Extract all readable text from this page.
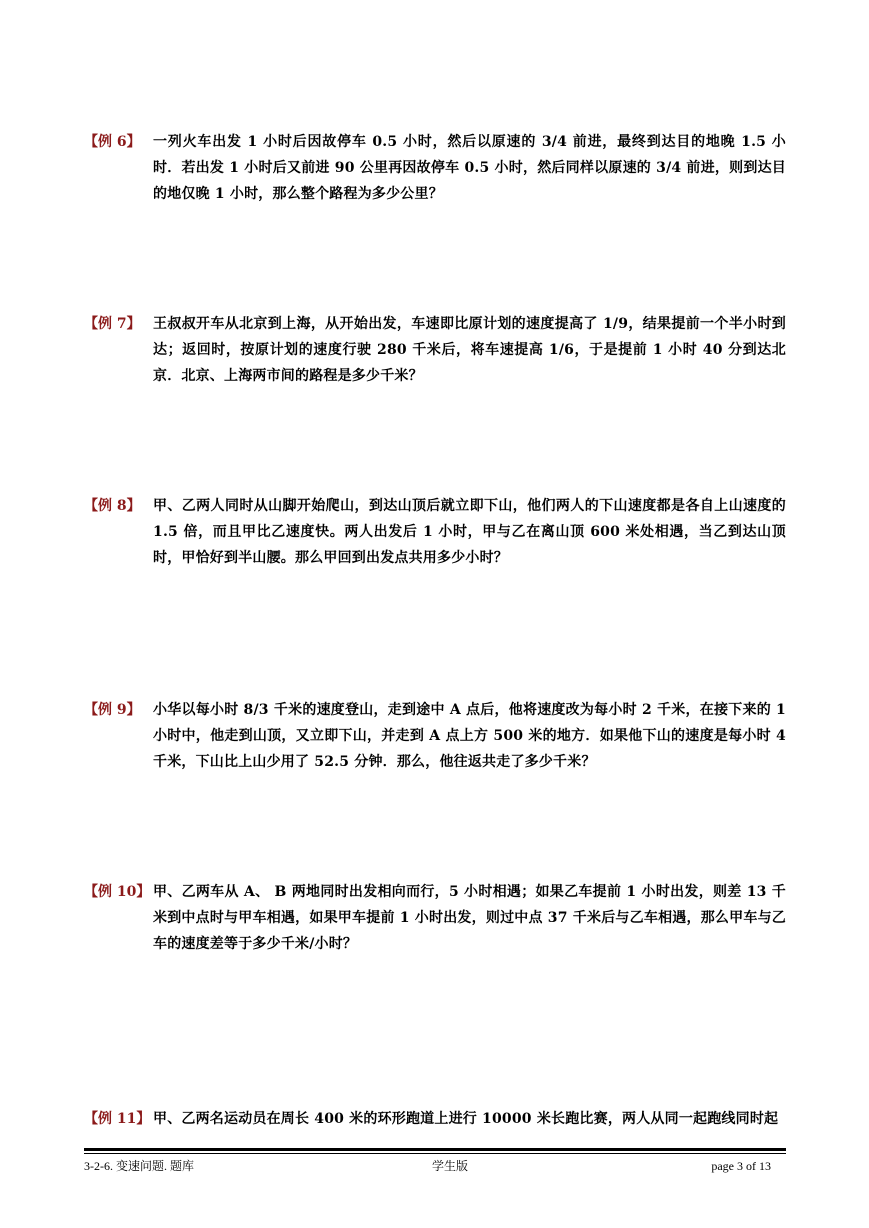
【例 6】 一列火车出发 1 小时后因故停车 0.5 小时，然后以原速的 3/4 前进，最终到达目的地晚 1.5 小时．若出发 1 小时后又前进 90 公里再因故停车 0.5 小时，然后同样以原速的 3/4 前进，则到达目的地仅晚 1 小时，那么整个路程为多少公里？
【例 7】 王叔叔开车从北京到上海，从开始出发，车速即比原计划的速度提高了 1/9，结果提前一个半小时到达；返回时，按原计划的速度行驶 280 千米后，将车速提高 1/6，于是提前 1 小时 40 分到达北京．北京、上海两市间的路程是多少千米？
【例 8】 甲、乙两人同时从山脚开始爬山，到达山顶后就立即下山，他们两人的下山速度都是各自上山速度的 1.5 倍，而且甲比乙速度快。两人出发后 1 小时，甲与乙在离山顶 600 米处相遇，当乙到达山顶时，甲恰好到半山腰。那么甲回到出发点共用多少小时？
【例 9】 小华以每小时 8/3 千米的速度登山，走到途中 A 点后，他将速度改为每小时 2 千米，在接下来的 1 小时中，他走到山顶，又立即下山，并走到 A 点上方 500 米的地方．如果他下山的速度是每小时 4 千米，下山比上山少用了 52.5 分钟．那么，他往返共走了多少千米？
【例 10】 甲、乙两车从 A、 B 两地同时出发相向而行，5 小时相遇；如果乙车提前 1 小时出发，则差 13 千米到中点时与甲车相遇，如果甲车提前 1 小时出发，则过中点 37 千米后与乙车相遇，那么甲车与乙车的速度差等于多少千米/小时？
【例 11】 甲、乙两名运动员在周长 400 米的环形跑道上进行 10000 米长跑比赛，两人从同一起跑线同时起
3-2-6. 变速问题. 题库	学生版	page 3 of 13
